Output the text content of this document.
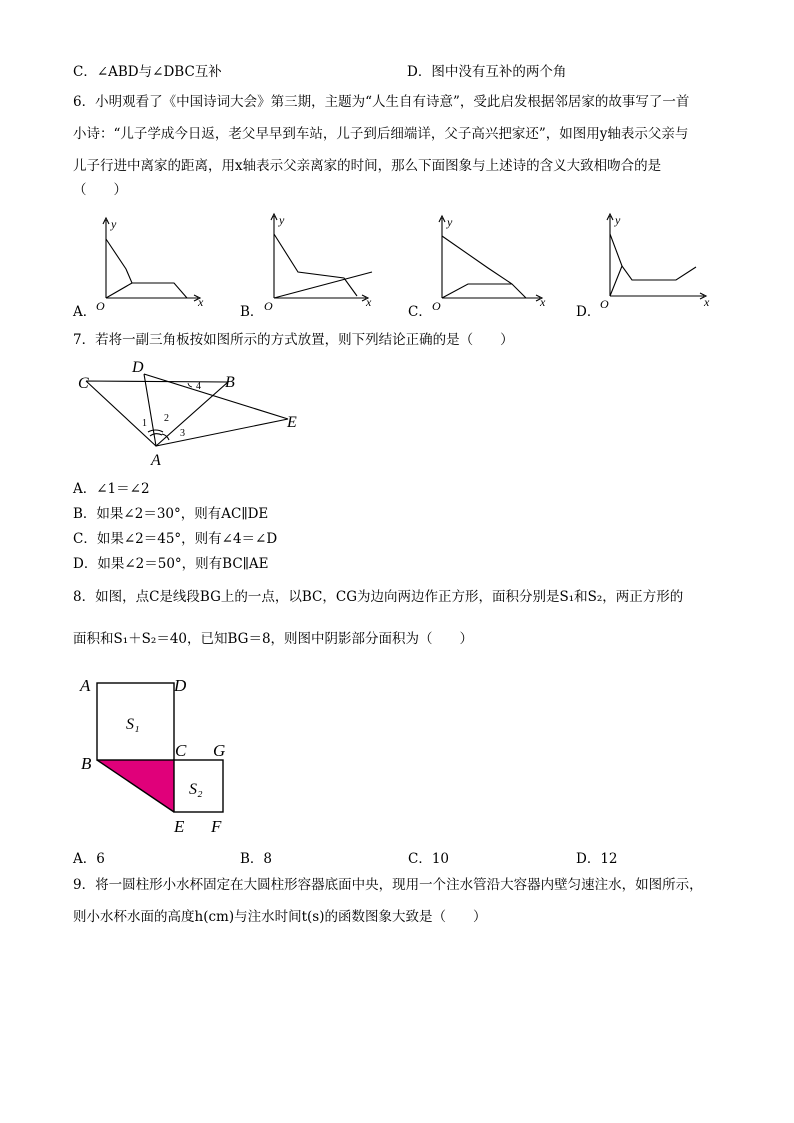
C．∠ABD与∠DBC互补	D．图中没有互补的两个角
6．小明观看了《中国诗词大会》第三期，主题为“人生自有诗意”，受此启发根据邻居家的故事写了一首
小诗：“儿子学成今日返，老父早早到车站，儿子到后细端详，父子高兴把家还”，如图用y轴表示父亲与
儿子行进中离家的距离，用x轴表示父亲离家的时间，那么下面图象与上述诗的含义大致相吻合的是
（　　）
A．
y
x
O	B．
y
x
O	C．
y
x
O	D．
y
x
O
7．若将一副三角板按如图所示的方式放置，则下列结论正确的是（　　）
C
D
B
E
A
1 2
3
4
A．∠1＝∠2
B．如果∠2＝30°，则有AC∥DE
C．如果∠2＝45°，则有∠4＝∠D
D．如果∠2＝50°，则有BC∥AE
8．如图，点C是线段BG上的一点，以BC，CG为边向两边作正方形，面积分别是S₁和S₂，两正方形的
面积和S₁＋S₂＝40，已知BG＝8，则图中阴影部分面积为（　　）
A	D
B
C G
E F
S₁
S₂
A．6	B．8	C．10	D．12
9．将一圆柱形小水杯固定在大圆柱形容器底面中央，现用一个注水管沿大容器内壁匀速注水，如图所示，
则小水杯水面的高度h(cm)与注水时间t(s)的函数图象大致是（　　）
